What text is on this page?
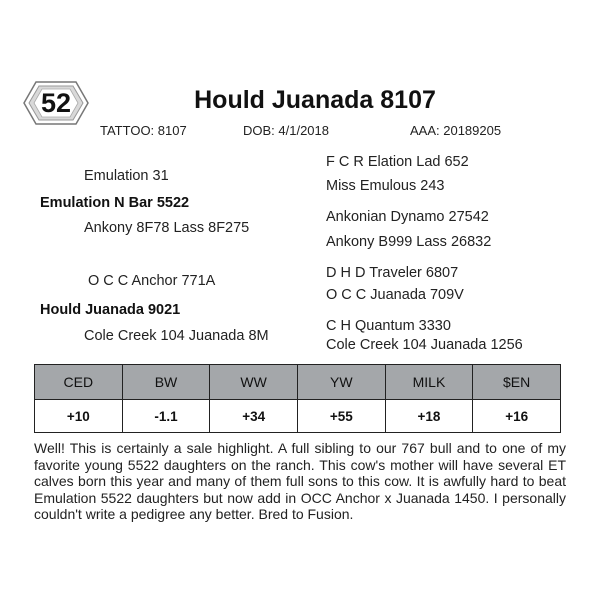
52	Hould Juanada 8107
TATTOO: 8107	DOB: 4/1/2018	AAA: 20189205
Emulation 31
Emulation N Bar 5522
Ankony 8F78 Lass 8F275
F C R Elation Lad 652
Miss Emulous 243
Ankonian Dynamo 27542
Ankony B999 Lass 26832
O C C Anchor 771A
Hould Juanada 9021
Cole Creek 104 Juanada 8M
D H D Traveler 6807
O C C Juanada 709V
C H Quantum 3330
Cole Creek 104 Juanada 1256
CED	BW	WW	YW	MILK	$EN
+10	-1.1	+34	+55	+18	+16
Well! This is certainly a sale highlight. A full sibling to our 767 bull and to one of my favorite young 5522 daughters on the ranch. This cow's mother will have several ET calves born this year and many of them full sons to this cow. It is awfully hard to beat Emulation 5522 daughters but now add in OCC Anchor x Juanada 1450. I personally couldn't write a pedigree any better. Bred to Fusion.
